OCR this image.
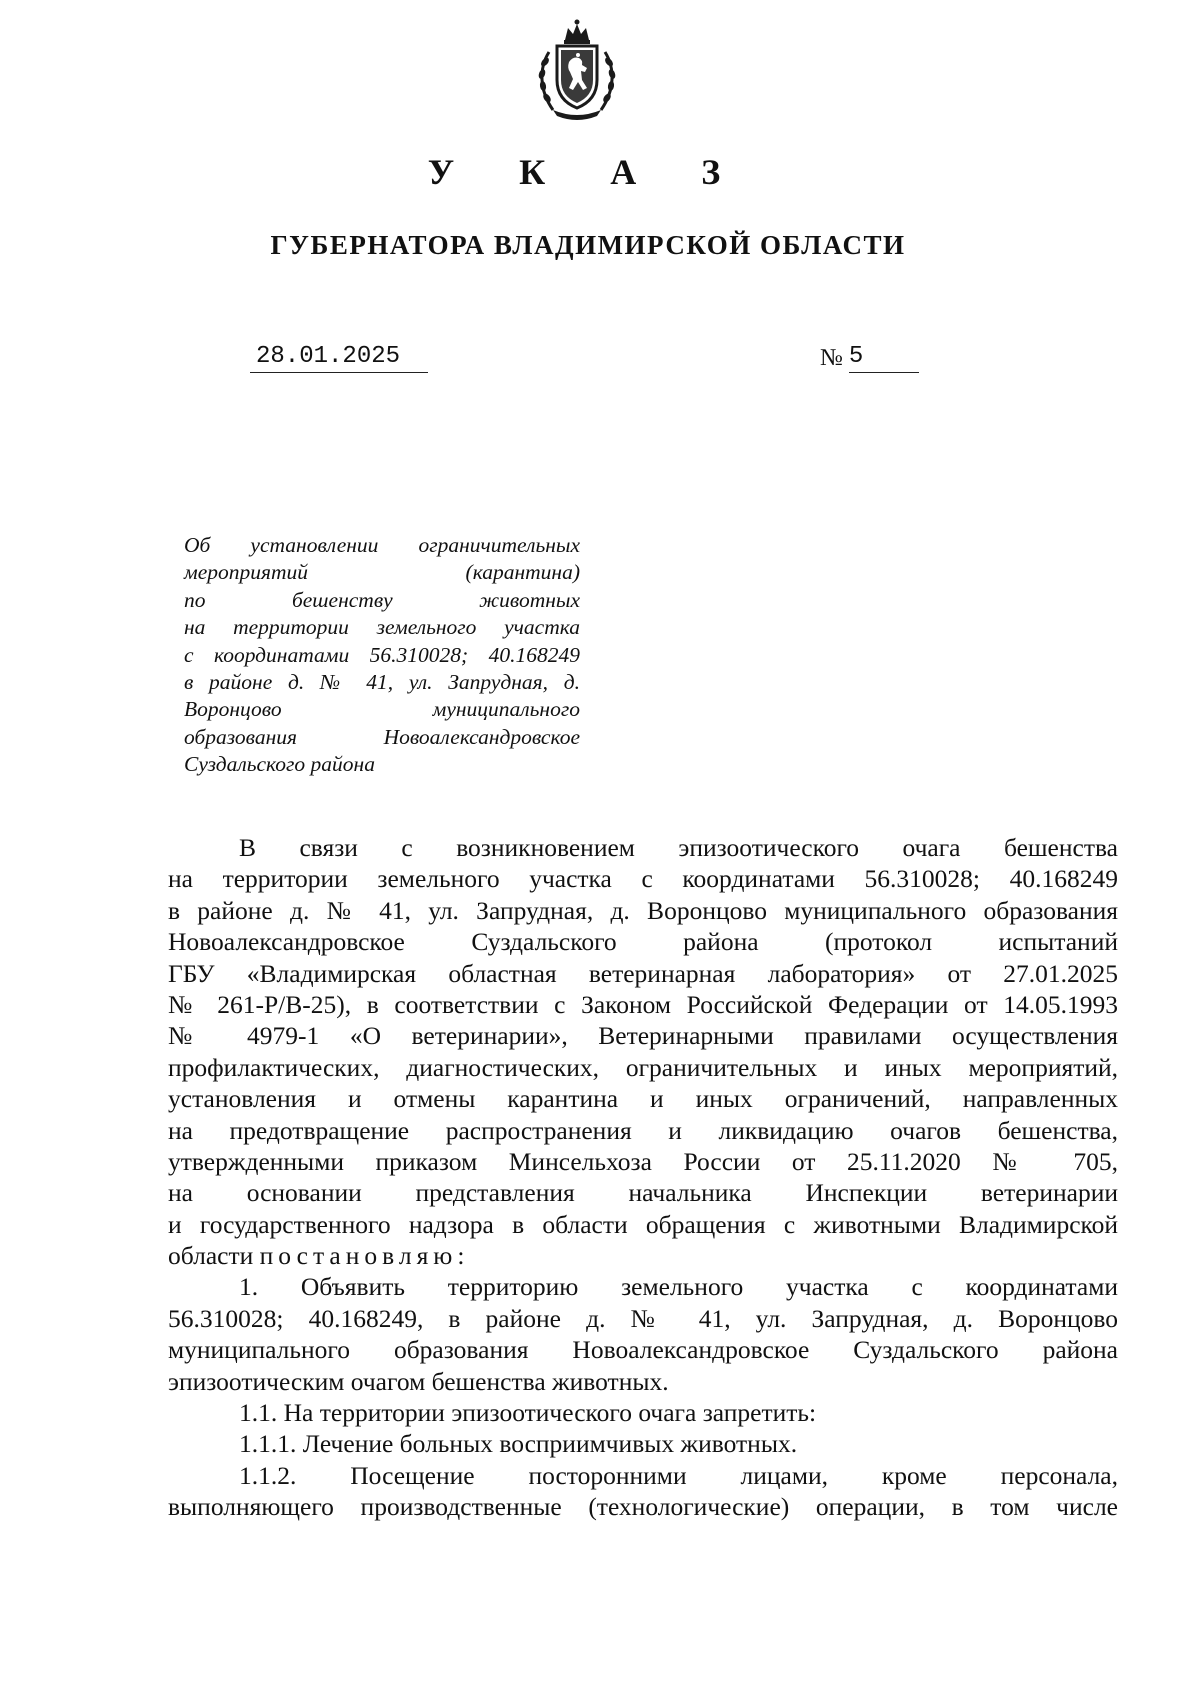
У К А З
ГУБЕРНАТОРА ВЛАДИМИРСКОЙ ОБЛАСТИ
28.01.2025	№ 5
Об установлении ограничительных
мероприятий (карантина)
по бешенству животных
на территории земельного участка
с координатами 56.310028; 40.168249
в районе д. № 41, ул. Запрудная, д.
Воронцово муниципального
образования Новоалександровское
Суздальского района
В связи с возникновением эпизоотического очага бешенства
на территории земельного участка с координатами 56.310028; 40.168249
в районе д. № 41, ул. Запрудная, д. Воронцово муниципального образования
Новоалександровское Суздальского района (протокол испытаний
ГБУ «Владимирская областная ветеринарная лаборатория» от 27.01.2025
№ 261-Р/В-25), в соответствии с Законом Российской Федерации от 14.05.1993
№ 4979-1 «О ветеринарии», Ветеринарными правилами осуществления
профилактических, диагностических, ограничительных и иных мероприятий,
установления и отмены карантина и иных ограничений, направленных
на предотвращение распространения и ликвидацию очагов бешенства,
утвержденными приказом Минсельхоза России от 25.11.2020 № 705,
на основании представления начальника Инспекции ветеринарии
и государственного надзора в области обращения с животными Владимирской
области постановляю:
1. Объявить территорию земельного участка с координатами
56.310028; 40.168249, в районе д. № 41, ул. Запрудная, д. Воронцово
муниципального образования Новоалександровское Суздальского района
эпизоотическим очагом бешенства животных.
1.1. На территории эпизоотического очага запретить:
1.1.1. Лечение больных восприимчивых животных.
1.1.2. Посещение посторонними лицами, кроме персонала,
выполняющего производственные (технологические) операции, в том числе
